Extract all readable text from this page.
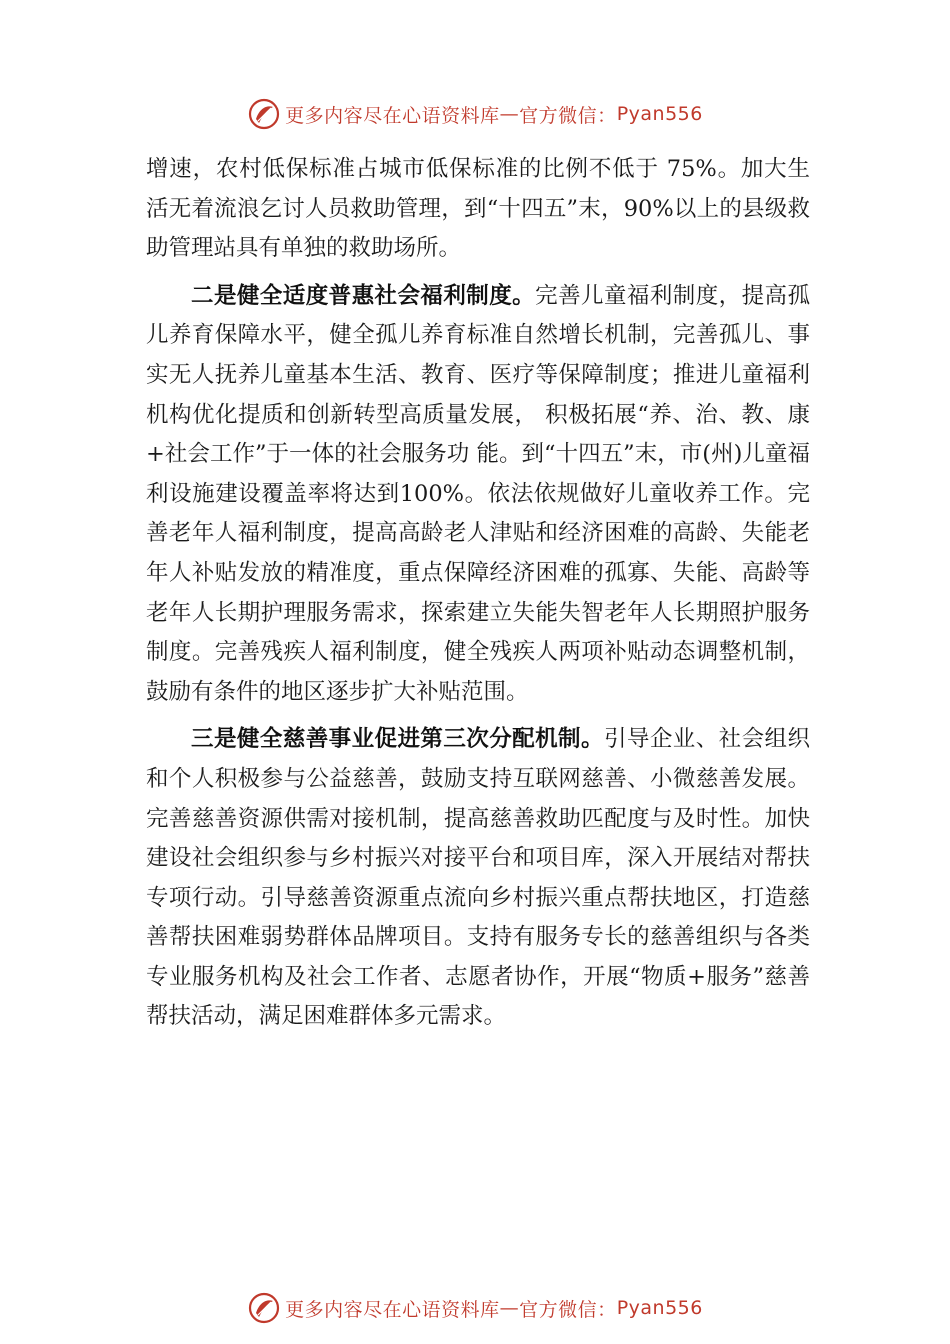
更多内容尽在心语资料库 — 官方微信： Pyan556

增速，农村低保标准占城市低保标准的比例不低于 75%。加大生活无着流浪乞讨人员救助管理，到“十四五”末，90%以上的县级救助管理站具有单独的救助场所。

二是健全适度普惠社会福利制度。完善儿童福利制度，提高孤儿养育保障水平，健全孤儿养育标准自然增长机制，完善孤儿、事实无人抚养儿童基本生活、教育、医疗等保障制度；推进儿童福利机构优化提质和创新转型高质量发展， 积极拓展“养、治、教、康+社会工作”于一体的社会服务功 能。到“十四五”末，市(州)儿童福利设施建设覆盖率将达到100%。依法依规做好儿童收养工作。完善老年人福利制度，提高高龄老人津贴和经济困难的高龄、失能老年人补贴发放的精准度，重点保障经济困难的孤寡、失能、高龄等老年人长期护理服务需求，探索建立失能失智老年人长期照护服务制度。完善残疾人福利制度，健全残疾人两项补贴动态调整机制，鼓励有条件的地区逐步扩大补贴范围。

三是健全慈善事业促进第三次分配机制。引导企业、社会组织和个人积极参与公益慈善，鼓励支持互联网慈善、小微慈善发展。完善慈善资源供需对接机制，提高慈善救助匹配度与及时性。加快建设社会组织参与乡村振兴对接平台和项目库，深入开展结对帮扶专项行动。引导慈善资源重点流向乡村振兴重点帮扶地区，打造慈善帮扶困难弱势群体品牌项目。支持有服务专长的慈善组织与各类专业服务机构及社会工作者、志愿者协作，开展“物质+服务”慈善帮扶活动，满足困难群体多元需求。

更多内容尽在心语资料库 — 官方微信： Pyan556
